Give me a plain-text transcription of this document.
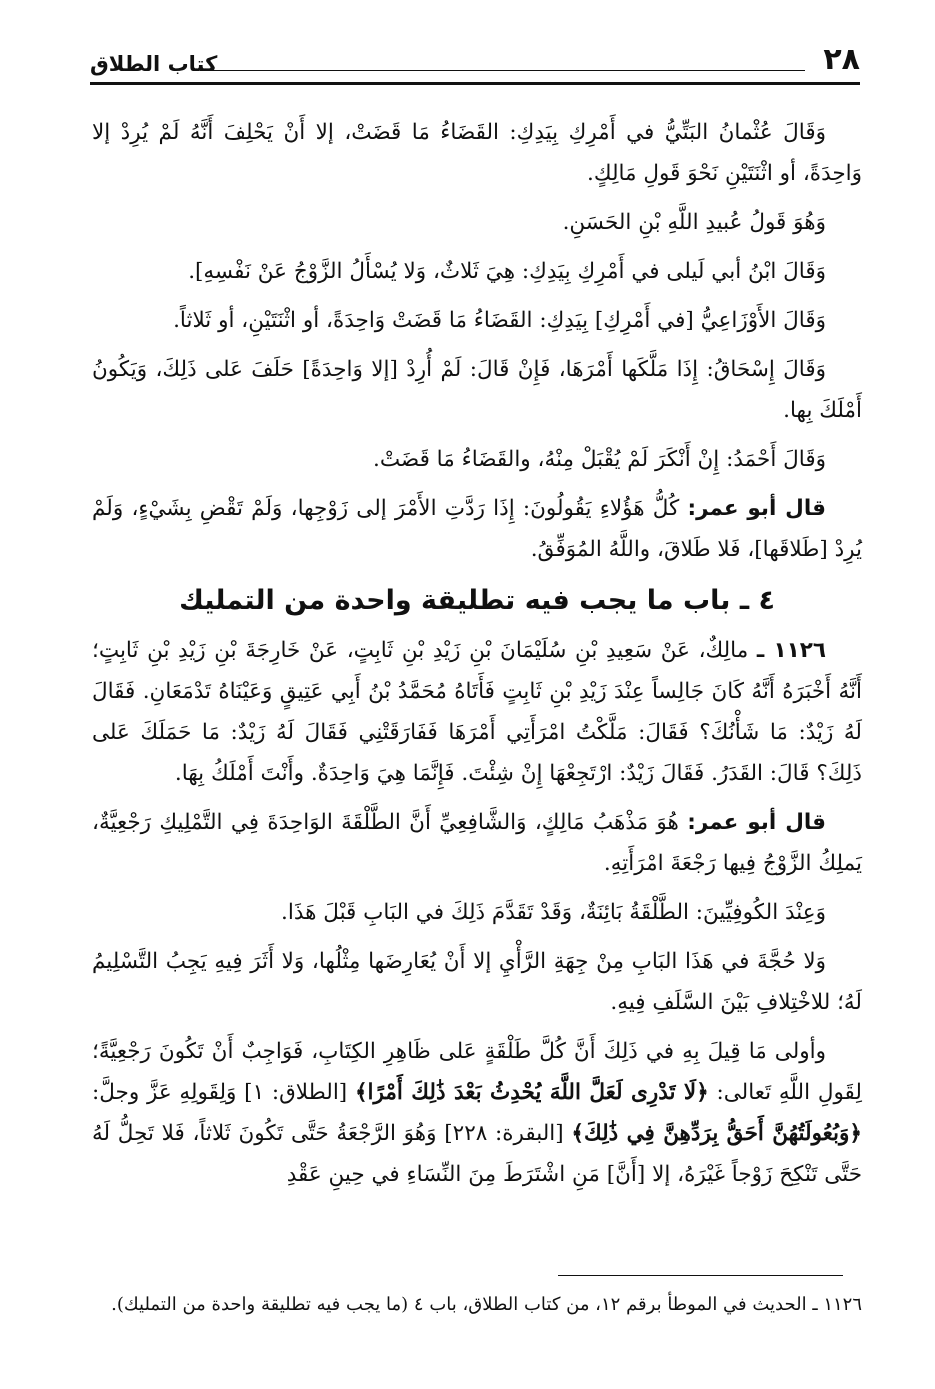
٢٨
كتاب الطلاق

وَقَالَ عُثْمانُ البَتِّيُّ في أَمْرِكِ بِيَدِكِ: القَضَاءُ مَا قَضَتْ، إلا أَنْ يَحْلِفَ أَنَّهُ لَمْ يُرِدْ إلا وَاحِدَةً، أو اثْنَتَيْنِ نَحْوَ قَولِ مَالِكٍ.

وَهُوَ قَولُ عُبيدِ اللَّهِ بْنِ الحَسَنِ.

وَقَالَ ابْنُ أبي لَيلى في أَمْرِكِ بِيَدِكِ: هِيَ ثَلاثٌ، وَلا يُسْأَلُ الزَّوْجُ عَنْ نَفْسِهِ].

وَقَالَ الأَوْزَاعِيُّ [في أَمْرِكِ] بِيَدِكِ: القَضَاءُ مَا قَضَتْ وَاحِدَةً، أو اثْنَتَيْنِ، أو ثَلاثاً.

وَقَالَ إِسْحَاقُ: إِذَا مَلَّكَها أَمْرَهَا، فَإِنْ قَالَ: لَمْ أُرِدْ [إلا وَاحِدَةً] حَلَفَ عَلى ذَلِكَ، وَيَكُونُ أَمْلَكَ بِها.

وَقَالَ أَحْمَدُ: إِنْ أَنْكَرَ لَمْ يُقْبَلْ مِنْهُ، والقَضَاءُ مَا قَضَتْ.

قال أبو عمر: كُلُّ هَؤُلاءِ يَقُولُونَ: إِذَا رَدَّتِ الأَمْرَ إلى زَوْجِها، وَلَمْ تَقْضِ بِشَيْءٍ، وَلَمْ يُرِدْ [طَلاقَها]، فَلا طَلاقَ، واللَّهُ المُوَفِّقُ.

٤ ـ باب ما يجب فيه تطليقة واحدة من التمليك

١١٢٦ ـ مالِكٌ، عَنْ سَعِيدِ بْنِ سُلَيْمَانَ بْنِ زَيْدِ بْنِ ثَابِتٍ، عَنْ خَارِجَةَ بْنِ زَيْدِ بْنِ ثَابِتٍ؛ أَنَّهُ أَخْبَرَهُ أَنَّهُ كَانَ جَالِساً عِنْدَ زَيْدِ بْنِ ثَابِتٍ فَأَتَاهُ مُحَمَّدُ بْنُ أَبِي عَتِيقٍ وَعَيْنَاهُ تَدْمَعَانِ. فَقَالَ لَهُ زَيْدٌ: مَا شَأْنُكَ؟ فَقَالَ: مَلَّكْتُ امْرَأَتِي أَمْرَهَا فَفَارَقَتْنِي فَقَالَ لَهُ زَيْدٌ: مَا حَمَلَكَ عَلى ذَلِكَ؟ قَالَ: القَدَرُ. فَقَالَ زَيْدٌ: ارْتَجِعْهَا إِنْ شِئْتَ. فَإِنَّمَا هِيَ وَاحِدَةٌ. وأَنْتَ أَمْلَكُ بِهَا.

قال أبو عمر: هُوَ مَذْهَبُ مَالِكٍ، وَالشَّافِعِيِّ أَنَّ الطَّلْقَةَ الوَاحِدَةَ فِي التَّمْلِيكِ رَجْعِيَّةٌ، يَملِكُ الزَّوْجُ فِيها رَجْعَةَ امْرَأَتِهِ.

وَعِنْدَ الكُوفِيِّينَ: الطَّلْقَةُ بَائِنَةٌ، وَقَدْ تَقَدَّمَ ذَلِكَ في البَابِ قَبْلَ هَذَا.

وَلا حُجَّةَ في هَذَا البَابِ مِنْ جِهَةِ الرَّأْيِ إلا أَنْ يُعَارِضَها مِثْلُها، وَلا أَثَرَ فِيهِ يَجِبُ التَّسْلِيمُ لَهُ؛ للاخْتِلافِ بَيْنَ السَّلَفِ فِيهِ.

وأولى مَا قِيلَ بِهِ في ذَلِكَ أَنَّ كُلَّ طَلْقَةٍ عَلى ظَاهِرِ الكِتَابِ، فَوَاجِبٌ أَنْ تَكُونَ رَجْعِيَّةً؛ لِقَولِ اللَّهِ تَعالى: ﴿لَا تَدْرِى لَعَلَّ اللَّهَ يُحْدِثُ بَعْدَ ذَٰلِكَ أَمْرًا﴾ [الطلاق: ١] وَلِقَولِهِ عَزَّ وجلَّ: ﴿وَبُعُولَتُهُنَّ أَحَقُّ بِرَدِّهِنَّ فِي ذَٰلِكَ﴾ [البقرة: ٢٢٨] وَهُوَ الرَّجْعَةُ حَتَّى تَكُونَ ثَلاثاً، فَلا تَحِلُّ لَهُ حَتَّى تَنْكِحَ زَوْجاً غَيْرَهُ، إلا [أَنَّ] مَنِ اشْتَرَطَ مِنَ النِّسَاءِ في حِينِ عَقْدِ

١١٢٦ ـ الحديث في الموطأ برقم ١٢، من كتاب الطلاق، باب ٤ (ما يجب فيه تطليقة واحدة من التمليك).
